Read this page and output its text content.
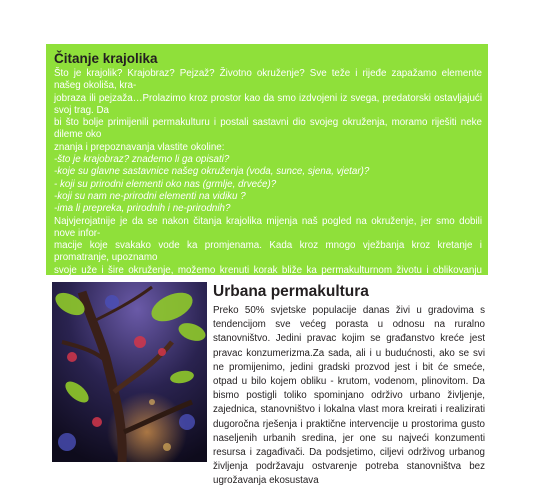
Čitanje krajolika

Što je krajolik? Krajobraz? Pejzaž? Životno okruženje? Sve teže i rijeđe zapažamo elemente našeg okoliša, kra-

jobraza ili pejzaža…Prolazimo kroz prostor kao da smo izdvojeni iz svega, predatorski ostavljajući svoj trag. Da

bi što bolje primijenili permakulturu i postali sastavni dio svojeg okruženja, moramo riješiti neke dileme oko

znanja i prepoznavanja vlastite okoline:

-što je krajobraz? znademo li ga opisati?

-koje su glavne sastavnice našeg okruženja (voda, sunce, sjena, vjetar)?

- koji su prirodni elementi oko nas (grmlje, drveće)?

-koji su nam ne-prirodni elementi na vidiku ?

-ima li prepreka, prirodnih i ne-prirodnih?

Najvjerojatnije je da se nakon čitanja krajolika mijenja naš pogled na okruženje, jer smo dobili nove infor-

macije koje svakako vode ka promjenama. Kada kroz mnogo vježbanja kroz kretanje i promatranje, upoznamo

svoje uže i šire okruženje, možemo krenuti korak bliže ka permakulturnom životu i oblikovanju

Urbana permakultura
Preko 50% svjetske populacije danas živi u gradovima s tendencijom sve većeg porasta u odnosu na ruralno stanovništvo. Jedini pravac kojim se građanstvo kreće jest pravac konzumerizma.Za sada, ali i u budućnosti, ako se svi ne promijenimo, jedini gradski prozvod jest i bit će smeće, otpad u bilo kojem obliku - krutom, vodenom, plinovitom. Da bismo postigli toliko spominjano održivo urbano življenje, zajednica, stanovništvo i lokalna vlast mora kreirati i realizirati dugoročna rješenja i praktične intervencije u prostorima gusto naseljenih urbanih sredina, jer one su najveći konzumenti resursa i zagađivači. Da podsjetimo, ciljevi održivog urbanog življenja podržavaju ostvarenje potreba stanovništva bez ugrožavanja ekosustava
